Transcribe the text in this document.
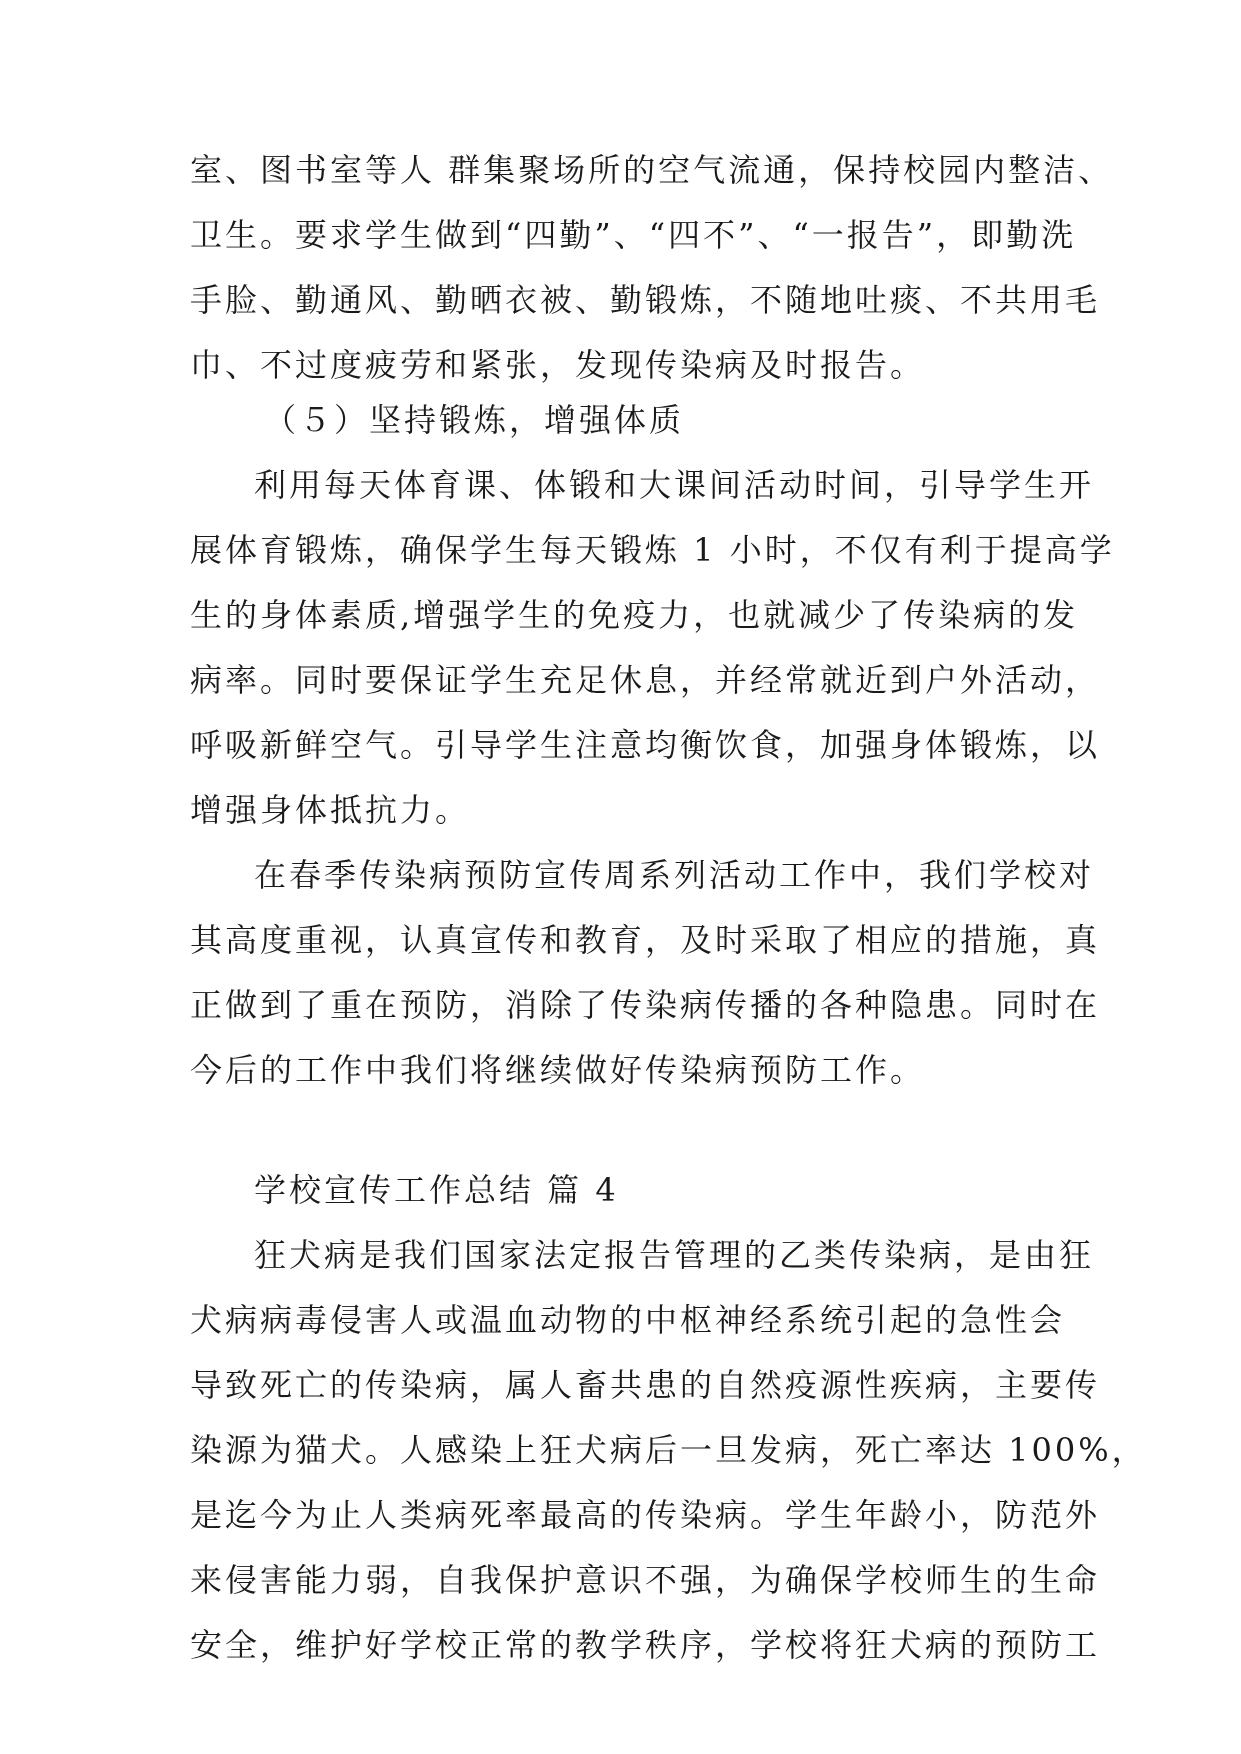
室、图书室等人 群集聚场所的空气流通，保持校园内整洁、
卫生。要求学生做到“四勤”、“四不”、“一报告”，即勤洗
手脸、勤通风、勤晒衣被、勤锻炼，不随地吐痰、不共用毛
巾、不过度疲劳和紧张，发现传染病及时报告。
（５）坚持锻炼，增强体质
利用每天体育课、体锻和大课间活动时间，引导学生开
展体育锻炼，确保学生每天锻炼 1 小时，不仅有利于提高学
生的身体素质,增强学生的免疫力，也就减少了传染病的发
病率。同时要保证学生充足休息，并经常就近到户外活动，
呼吸新鲜空气。引导学生注意均衡饮食，加强身体锻炼，以
增强身体抵抗力。
在春季传染病预防宣传周系列活动工作中，我们学校对
其高度重视，认真宣传和教育，及时采取了相应的措施，真
正做到了重在预防，消除了传染病传播的各种隐患。同时在
今后的工作中我们将继续做好传染病预防工作。
学校宣传工作总结 篇 4
狂犬病是我们国家法定报告管理的乙类传染病，是由狂
犬病病毒侵害人或温血动物的中枢神经系统引起的急性会
导致死亡的传染病，属人畜共患的自然疫源性疾病，主要传
染源为猫犬。人感染上狂犬病后一旦发病，死亡率达 100%，
是迄今为止人类病死率最高的传染病。学生年龄小，防范外
来侵害能力弱，自我保护意识不强，为确保学校师生的生命
安全，维护好学校正常的教学秩序，学校将狂犬病的预防工
